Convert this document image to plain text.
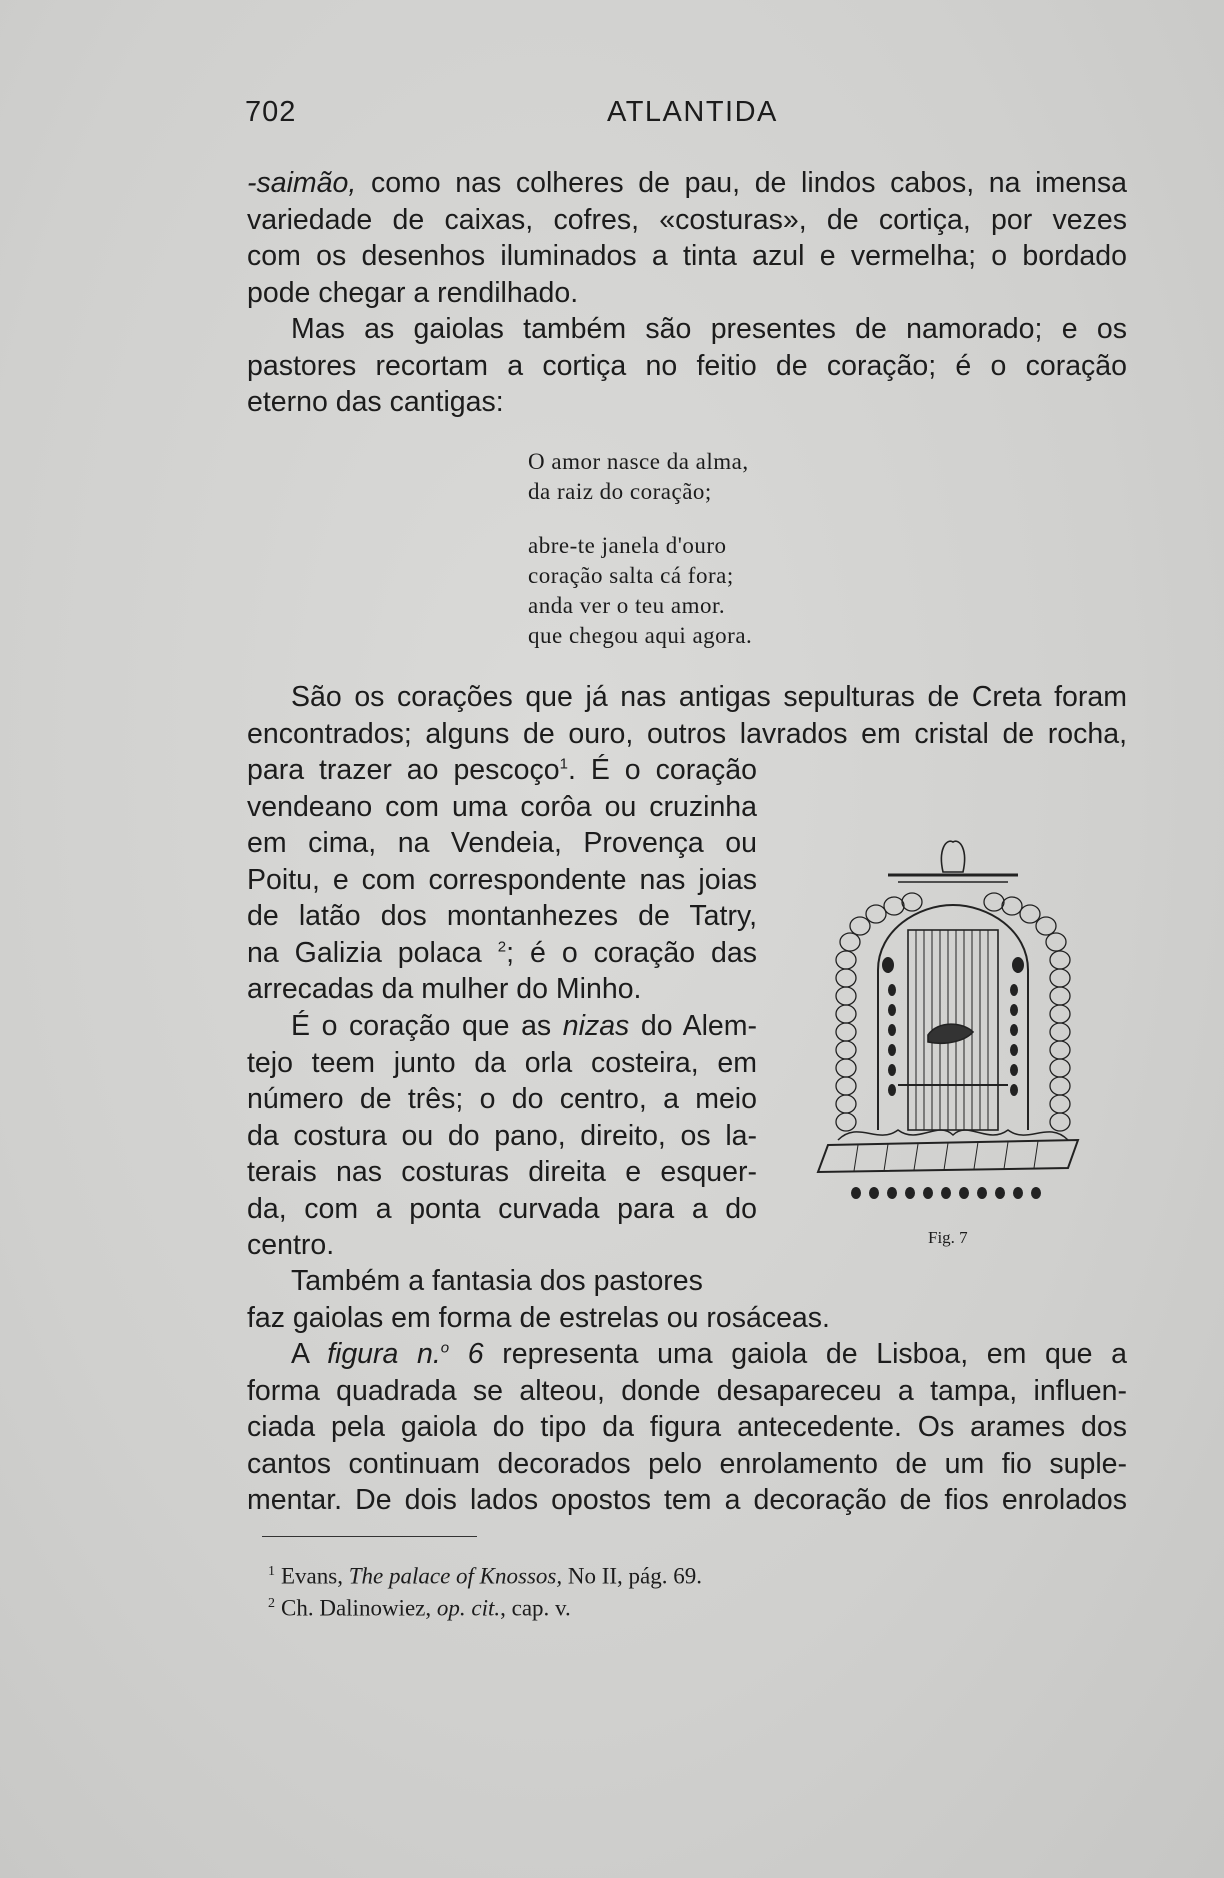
702	ATLANTIDA

-saimão, como nas colheres de pau, de lindos cabos, na imensa
variedade de caixas, cofres, «costuras», de cortiça, por vezes
com os desenhos iluminados a tinta azul e vermelha; o bordado
pode chegar a rendilhado.

Mas as gaiolas também são presentes de namorado; e os
pastores recortam a cortiça no feitio de coração; é o coração
eterno das cantigas:

O amor nasce da alma,
da raiz do coração;
abre-te janela d'ouro
coração salta cá fora;
anda ver o teu amor.
que chegou aqui agora.

São os corações que já nas antigas sepulturas de Creta foram
encontrados; alguns de ouro, outros lavrados em cristal de rocha,

para trazer ao pescoço$^1$. É o coração
vendeano com uma corôa ou cruzinha
em cima, na Vendeia, Provença ou
Poitu, e com correspondente nas joias
de latão dos montanhezes de Tatry,
na Galizia polaca $^2$; é o coração das
arrecadas da mulher do Minho.

É o coração que as nizas do Alem-
tejo teem junto da orla costeira, em
número de três; o do centro, a meio
da costura ou do pano, direito, os la-
terais nas costuras direita e esquer-
da, com a ponta curvada para a do
centro.

Também a fantasia dos pastores
faz gaiolas em forma de estrelas ou rosáceas.

A figura n.$^o$ 6 representa uma gaiola de Lisboa, em que a
forma quadrada se alteou, donde desapareceu a tampa, influen-
ciada pela gaiola do tipo da figura antecedente. Os arames dos
cantos continuam decorados pelo enrolamento de um fio suple-
mentar. De dois lados opostos tem a decoração de fios enrolados

Fig. 7
$^1$ Evans, The palace of Knossos, No II, pág. 69.
$^2$ Ch. Dalinowiez, op. cit., cap. v.
